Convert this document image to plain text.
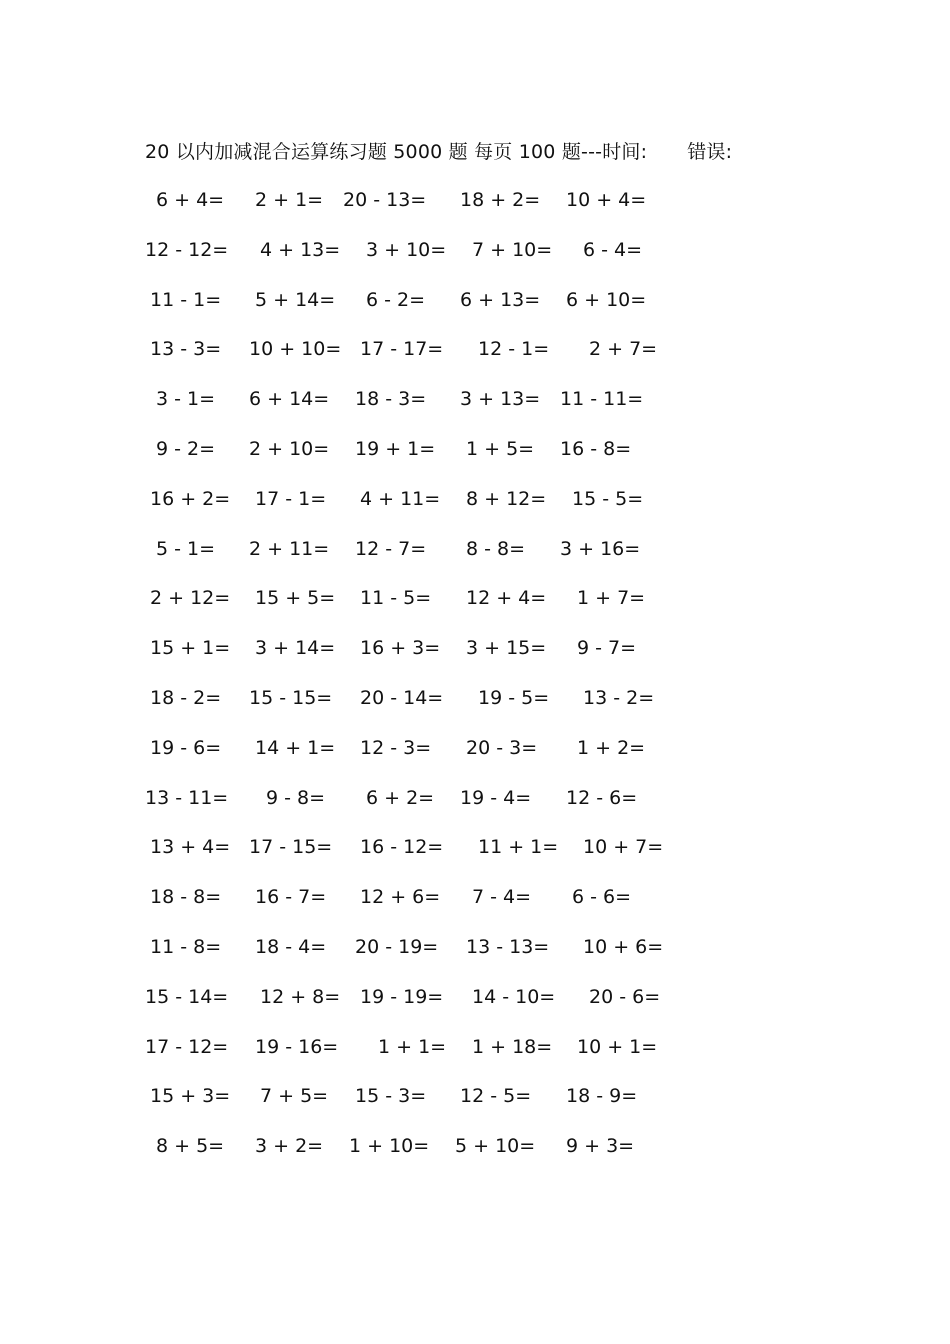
20 以内加减混合运算练习题 5000 题 每页 100 题---时间: 错误:
6 + 4= 2 + 1= 20 - 13= 18 + 2= 10 + 4=
12 - 12= 4 + 13= 3 + 10= 7 + 10= 6 - 4=
11 - 1= 5 + 14= 6 - 2= 6 + 13= 6 + 10=
13 - 3= 10 + 10= 17 - 17= 12 - 1= 2 + 7=
3 - 1= 6 + 14= 18 - 3= 3 + 13= 11 - 11=
9 - 2= 2 + 10= 19 + 1= 1 + 5= 16 - 8=
16 + 2= 17 - 1= 4 + 11= 8 + 12= 15 - 5=
5 - 1= 2 + 11= 12 - 7= 8 - 8= 3 + 16=
2 + 12= 15 + 5= 11 - 5= 12 + 4= 1 + 7=
15 + 1= 3 + 14= 16 + 3= 3 + 15= 9 - 7=
18 - 2= 15 - 15= 20 - 14= 19 - 5= 13 - 2=
19 - 6= 14 + 1= 12 - 3= 20 - 3= 1 + 2=
13 - 11= 9 - 8= 6 + 2= 19 - 4= 12 - 6=
13 + 4= 17 - 15= 16 - 12= 11 + 1= 10 + 7=
18 - 8= 16 - 7= 12 + 6= 7 - 4= 6 - 6=
11 - 8= 18 - 4= 20 - 19= 13 - 13= 10 + 6=
15 - 14= 12 + 8= 19 - 19= 14 - 10= 20 - 6=
17 - 12= 19 - 16= 1 + 1= 1 + 18= 10 + 1=
15 + 3= 7 + 5= 15 - 3= 12 - 5= 18 - 9=
8 + 5= 3 + 2= 1 + 10= 5 + 10= 9 + 3=
